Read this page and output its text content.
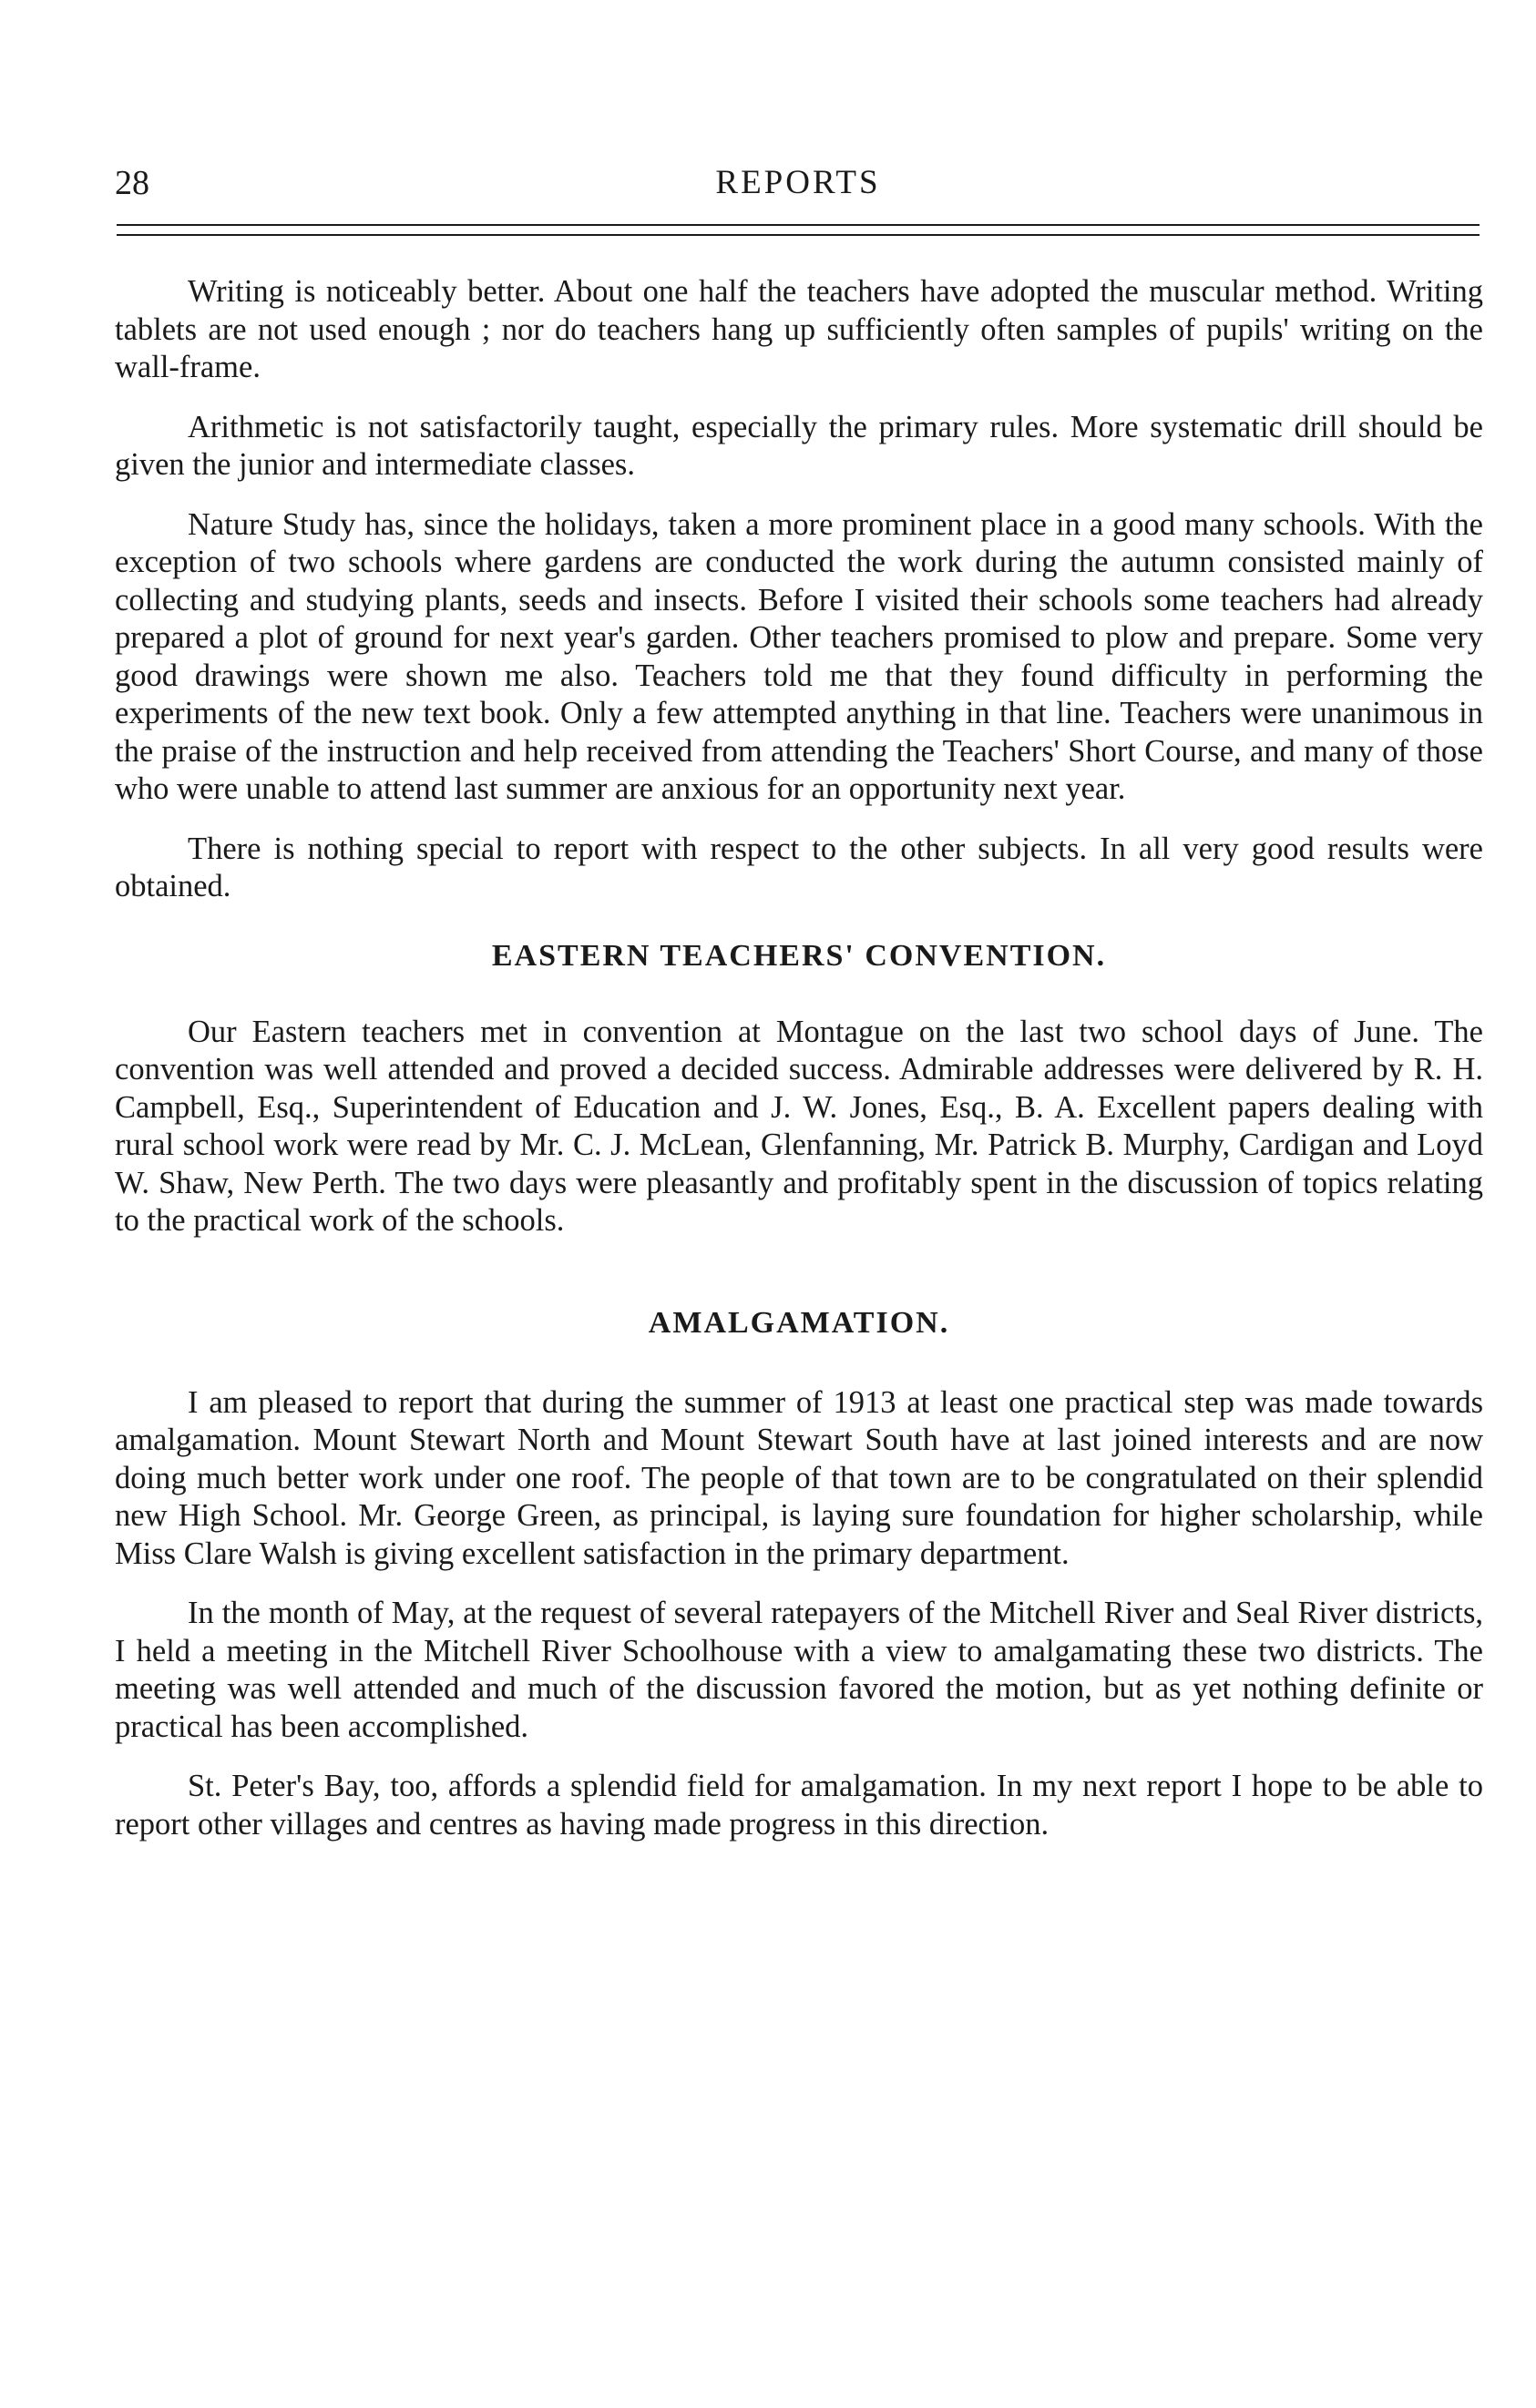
28	REPORTS

Writing is noticeably better. About one half the teachers have adopted the muscular method. Writing tablets are not used enough ; nor do teachers hang up sufficiently often samples of pupils' writing on the wall-frame.

Arithmetic is not satisfactorily taught, especially the primary rules. More systematic drill should be given the junior and intermediate classes.

Nature Study has, since the holidays, taken a more prominent place in a good many schools. With the exception of two schools where gardens are conducted the work during the autumn consisted mainly of collecting and studying plants, seeds and insects. Before I visited their schools some teachers had already prepared a plot of ground for next year's garden. Other teachers promised to plow and prepare. Some very good drawings were shown me also. Teachers told me that they found difficulty in performing the experiments of the new text book. Only a few attempted anything in that line. Teachers were unanimous in the praise of the instruction and help received from attending the Teachers' Short Course, and many of those who were unable to attend last summer are anxious for an opportunity next year.

There is nothing special to report with respect to the other subjects. In all very good results were obtained.

EASTERN TEACHERS' CONVENTION.

Our Eastern teachers met in convention at Montague on the last two school days of June. The convention was well attended and proved a decided success. Admirable addresses were delivered by R. H. Campbell, Esq., Superintendent of Education and J. W. Jones, Esq., B. A. Excellent papers dealing with rural school work were read by Mr. C. J. McLean, Glenfanning, Mr. Patrick B. Murphy, Cardigan and Loyd W. Shaw, New Perth. The two days were pleasantly and profitably spent in the discussion of topics relating to the practical work of the schools.

AMALGAMATION.

I am pleased to report that during the summer of 1913 at least one practical step was made towards amalgamation. Mount Stewart North and Mount Stewart South have at last joined interests and are now doing much better work under one roof. The people of that town are to be congratulated on their splendid new High School. Mr. George Green, as principal, is laying sure foundation for higher scholarship, while Miss Clare Walsh is giving excellent satisfaction in the primary department.

In the month of May, at the request of several ratepayers of the Mitchell River and Seal River districts, I held a meeting in the Mitchell River Schoolhouse with a view to amalgamating these two districts. The meeting was well attended and much of the discussion favored the motion, but as yet nothing definite or practical has been accomplished.

St. Peter's Bay, too, affords a splendid field for amalgamation. In my next report I hope to be able to report other villages and centres as having made progress in this direction.
